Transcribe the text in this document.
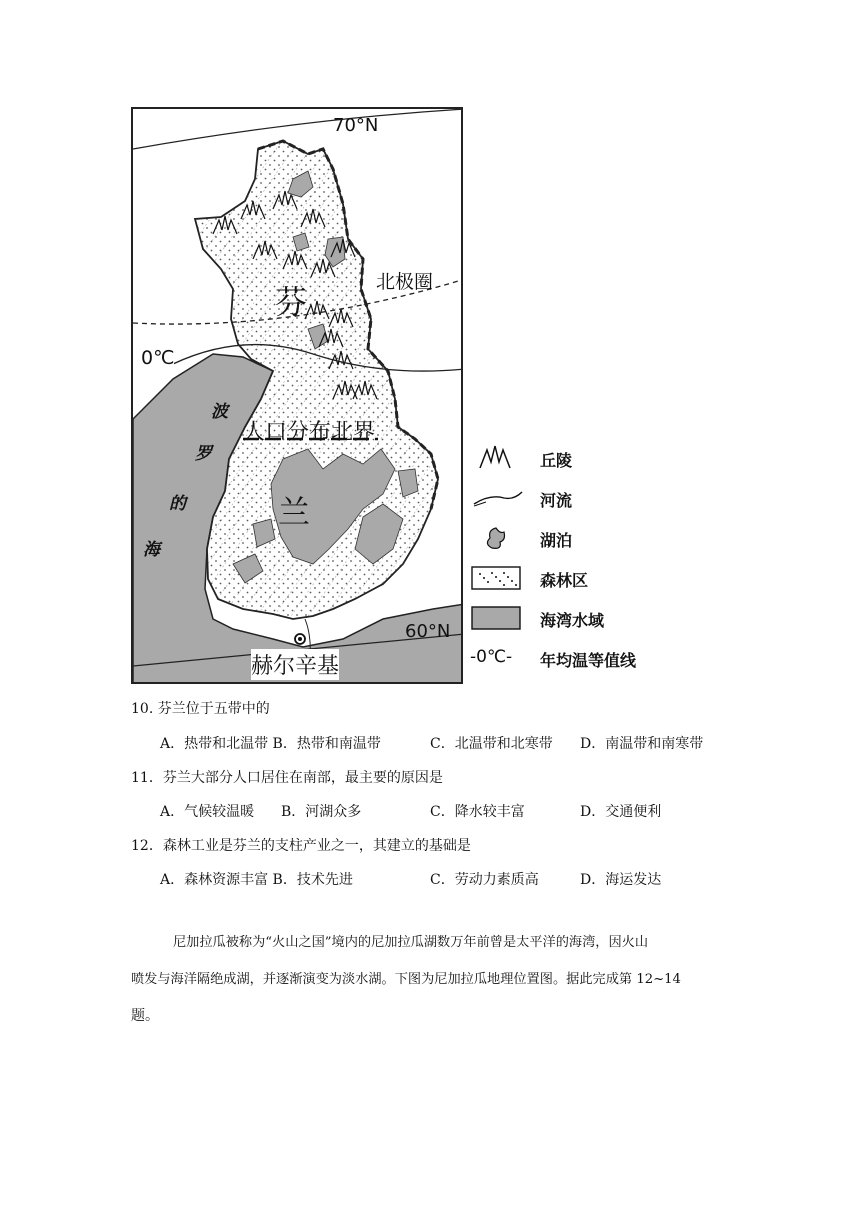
70°N
北极圈
芬
0℃
人口分布北界
兰
波
罗
的
海
60°N
赫尔辛基
丘陵
河流
湖泊
森林区
海湾水域
-0℃-	年均温等值线
10. 芬兰位于五带中的
A．热带和北温带 B．热带和南温带	C．北温带和北寒带 D．南温带和南寒带
11．芬兰大部分人口居住在南部，最主要的原因是
A．气候较温暖 B．河湖众多	C．降水较丰富	D．交通便利
12．森林工业是芬兰的支柱产业之一，其建立的基础是
A．森林资源丰富 B．技术先进	C．劳动力素质高	D．海运发达
尼加拉瓜被称为“火山之国”境内的尼加拉瓜湖数万年前曾是太平洋的海湾，因火山
喷发与海洋隔绝成湖，并逐渐演变为淡水湖。下图为尼加拉瓜地理位置图。据此完成第 12~14
题。
